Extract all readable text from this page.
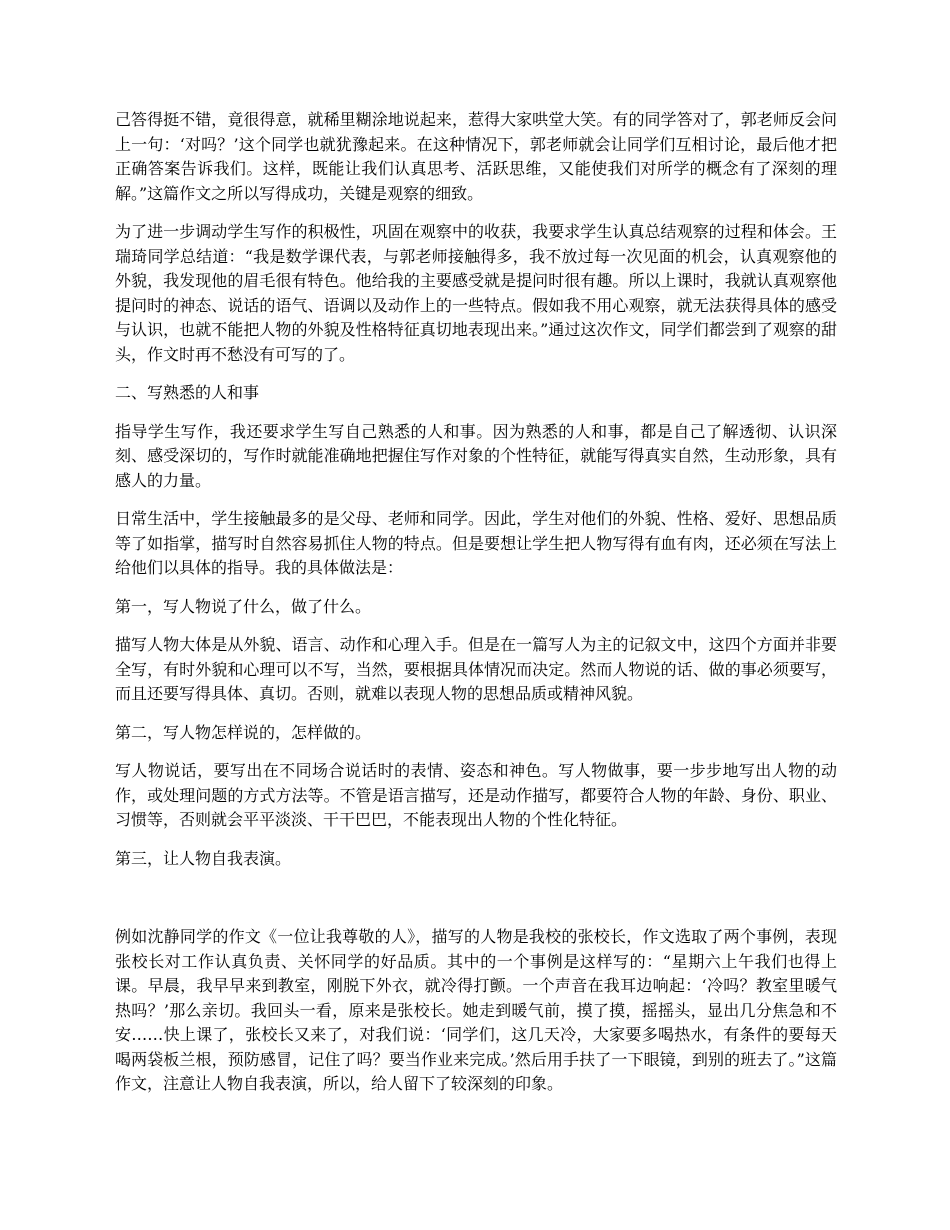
己答得挺不错，竟很得意，就稀里糊涂地说起来，惹得大家哄堂大笑。有的同学答对了，郭老师反会问上一句：‘对吗？’这个同学也就犹豫起来。在这种情况下，郭老师就会让同学们互相讨论，最后他才把正确答案告诉我们。这样，既能让我们认真思考、活跃思维，又能使我们对所学的概念有了深刻的理解。”这篇作文之所以写得成功，关键是观察的细致。

为了进一步调动学生写作的积极性，巩固在观察中的收获，我要求学生认真总结观察的过程和体会。王瑞琦同学总结道：“我是数学课代表，与郭老师接触得多，我不放过每一次见面的机会，认真观察他的外貌，我发现他的眉毛很有特色。他给我的主要感受就是提问时很有趣。所以上课时，我就认真观察他提问时的神态、说话的语气、语调以及动作上的一些特点。假如我不用心观察，就无法获得具体的感受与认识，也就不能把人物的外貌及性格特征真切地表现出来。”通过这次作文，同学们都尝到了观察的甜头，作文时再不愁没有可写的了。

二、写熟悉的人和事

指导学生写作，我还要求学生写自己熟悉的人和事。因为熟悉的人和事，都是自己了解透彻、认识深刻、感受深切的，写作时就能准确地把握住写作对象的个性特征，就能写得真实自然，生动形象，具有感人的力量。

日常生活中，学生接触最多的是父母、老师和同学。因此，学生对他们的外貌、性格、爱好、思想品质等了如指掌，描写时自然容易抓住人物的特点。但是要想让学生把人物写得有血有肉，还必须在写法上给他们以具体的指导。我的具体做法是：

第一，写人物说了什么，做了什么。

描写人物大体是从外貌、语言、动作和心理入手。但是在一篇写人为主的记叙文中，这四个方面并非要全写，有时外貌和心理可以不写，当然，要根据具体情况而决定。然而人物说的话、做的事必须要写，而且还要写得具体、真切。否则，就难以表现人物的思想品质或精神风貌。

第二，写人物怎样说的，怎样做的。

写人物说话，要写出在不同场合说话时的表情、姿态和神色。写人物做事，要一步步地写出人物的动作，或处理问题的方式方法等。不管是语言描写，还是动作描写，都要符合人物的年龄、身份、职业、习惯等，否则就会平平淡淡、干干巴巴，不能表现出人物的个性化特征。

第三，让人物自我表演。

例如沈静同学的作文《一位让我尊敬的人》，描写的人物是我校的张校长，作文选取了两个事例，表现张校长对工作认真负责、关怀同学的好品质。其中的一个事例是这样写的：“星期六上午我们也得上课。早晨，我早早来到教室，刚脱下外衣，就冷得打颤。一个声音在我耳边响起：‘冷吗？教室里暖气热吗？’那么亲切。我回头一看，原来是张校长。她走到暖气前，摸了摸，摇摇头，显出几分焦急和不安……快上课了，张校长又来了，对我们说：‘同学们，这几天冷，大家要多喝热水，有条件的要每天喝两袋板兰根，预防感冒，记住了吗？要当作业来完成。’然后用手扶了一下眼镜，到别的班去了。”这篇作文，注意让人物自我表演，所以，给人留下了较深刻的印象。
